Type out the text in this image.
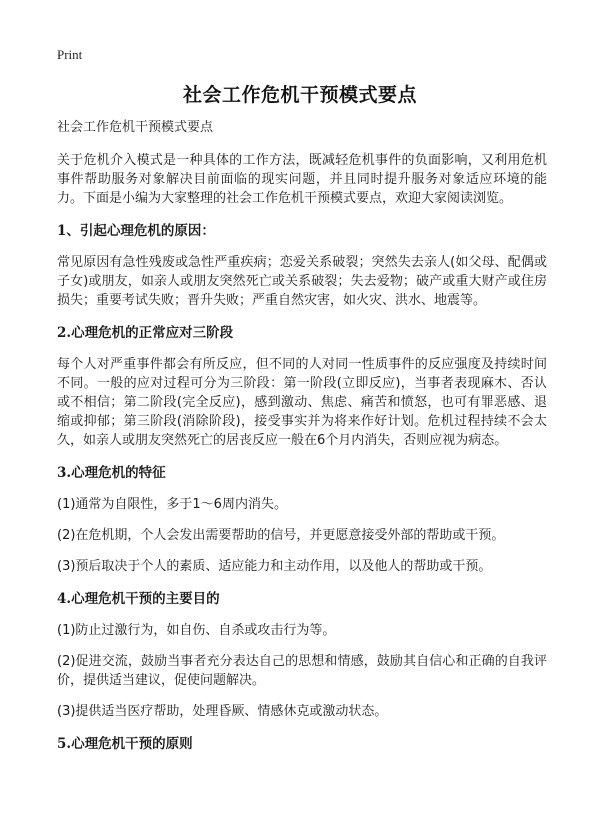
Print
社会工作危机干预模式要点

社会工作危机干预模式要点

关于危机介入模式是一种具体的工作方法，既减轻危机事件的负面影响，又利用危机事件帮助服务对象解决目前面临的现实问题，并且同时提升服务对象适应环境的能力。下面是小编为大家整理的社会工作危机干预模式要点，欢迎大家阅读浏览。

1、引起心理危机的原因：

常见原因有急性残废或急性严重疾病；恋爱关系破裂；突然失去亲人(如父母、配偶或子女)或朋友，如亲人或朋友突然死亡或关系破裂；失去爱物；破产或重大财产或住房损失；重要考试失败；晋升失败；严重自然灾害，如火灾、洪水、地震等。

2.心理危机的正常应对三阶段

每个人对严重事件都会有所反应，但不同的人对同一性质事件的反应强度及持续时间不同。一般的应对过程可分为三阶段：第一阶段(立即反应)，当事者表现麻木、否认或不相信；第二阶段(完全反应)，感到激动、焦虑、痛苦和愤怒，也可有罪恶感、退缩或抑郁；第三阶段(消除阶段)，接受事实并为将来作好计划。危机过程持续不会太久，如亲人或朋友突然死亡的居丧反应一般在6个月内消失，否则应视为病态。

3.心理危机的特征

(1)通常为自限性，多于1～6周内消失。

(2)在危机期，个人会发出需要帮助的信号，并更愿意接受外部的帮助或干预。

(3)预后取决于个人的素质、适应能力和主动作用，以及他人的帮助或干预。

4.心理危机干预的主要目的

(1)防止过激行为，如自伤、自杀或攻击行为等。

(2)促进交流，鼓励当事者充分表达自己的思想和情感，鼓励其自信心和正确的自我评价，提供适当建议，促使问题解决。

(3)提供适当医疗帮助，处理昏厥、情感休克或激动状态。

5.心理危机干预的原则
